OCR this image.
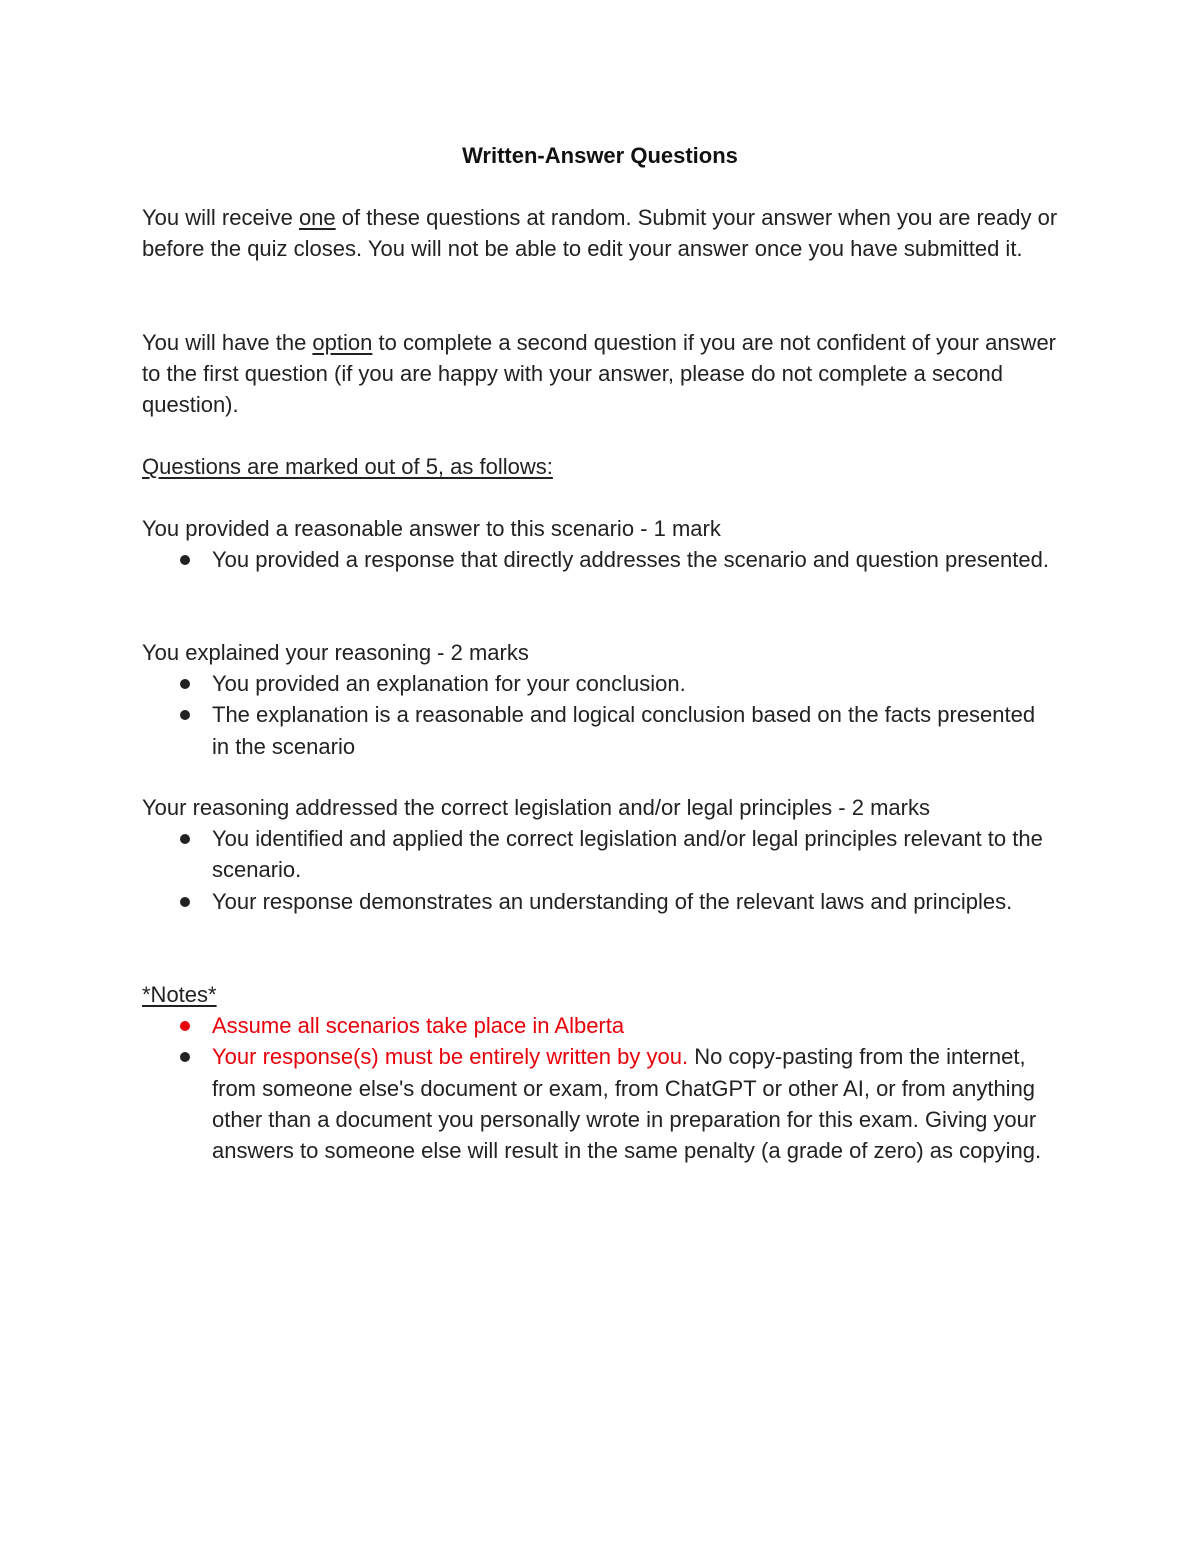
Written-Answer Questions
You will receive one of these questions at random. Submit your answer when you are ready or before the quiz closes. You will not be able to edit your answer once you have submitted it.
You will have the option to complete a second question if you are not confident of your answer to the first question (if you are happy with your answer, please do not complete a second question).
Questions are marked out of 5, as follows:
You provided a reasonable answer to this scenario - 1 mark
You provided a response that directly addresses the scenario and question presented.
You explained your reasoning - 2 marks
You provided an explanation for your conclusion.
The explanation is a reasonable and logical conclusion based on the facts presented in the scenario
Your reasoning addressed the correct legislation and/or legal principles - 2 marks
You identified and applied the correct legislation and/or legal principles relevant to the scenario.
Your response demonstrates an understanding of the relevant laws and principles.
*Notes*
Assume all scenarios take place in Alberta
Your response(s) must be entirely written by you. No copy-pasting from the internet, from someone else's document or exam, from ChatGPT or other AI, or from anything other than a document you personally wrote in preparation for this exam. Giving your answers to someone else will result in the same penalty (a grade of zero) as copying.
